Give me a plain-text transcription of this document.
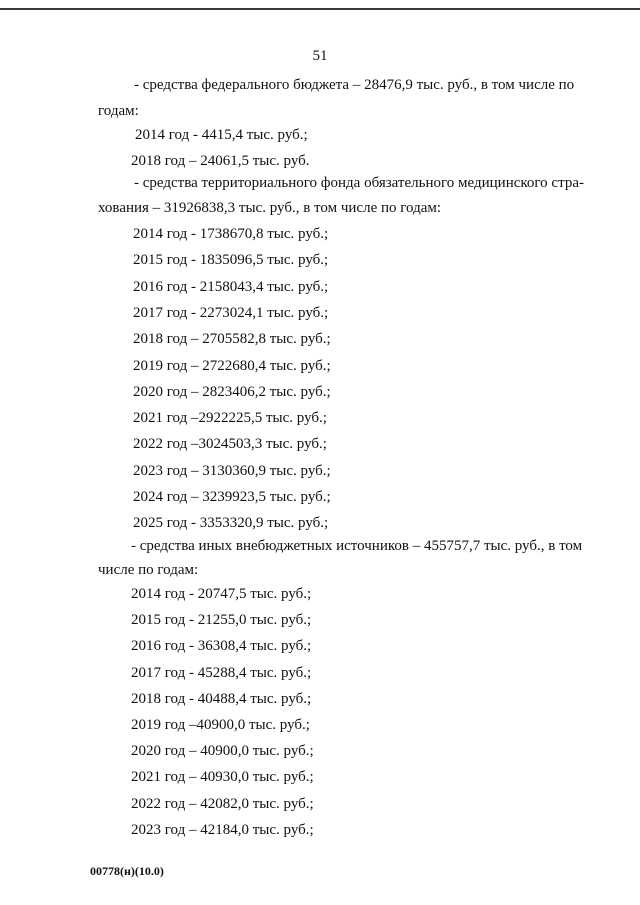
51
- средства федерального бюджета – 28476,9 тыс. руб., в том числе по
годам:
2014 год - 4415,4 тыс. руб.;
2018 год – 24061,5 тыс. руб.
- средства территориального фонда обязательного медицинского стра-
хования – 31926838,3 тыс. руб., в том числе по годам:
2014 год - 1738670,8 тыс. руб.;
2015 год - 1835096,5 тыс. руб.;
2016 год - 2158043,4 тыс. руб.;
2017 год - 2273024,1 тыс. руб.;
2018 год – 2705582,8 тыс. руб.;
2019 год – 2722680,4 тыс. руб.;
2020 год – 2823406,2 тыс. руб.;
2021 год –2922225,5 тыс. руб.;
2022 год –3024503,3 тыс. руб.;
2023 год – 3130360,9 тыс. руб.;
2024 год – 3239923,5 тыс. руб.;
2025 год - 3353320,9 тыс. руб.;
- средства иных внебюджетных источников – 455757,7 тыс. руб., в том
числе по годам:
2014 год - 20747,5 тыс. руб.;
2015 год - 21255,0 тыс. руб.;
2016 год - 36308,4 тыс. руб.;
2017 год - 45288,4 тыс. руб.;
2018 год - 40488,4 тыс. руб.;
2019 год –40900,0 тыс. руб.;
2020 год – 40900,0 тыс. руб.;
2021 год – 40930,0 тыс. руб.;
2022 год – 42082,0 тыс. руб.;
2023 год – 42184,0 тыс. руб.;
00778(н)(10.0)
